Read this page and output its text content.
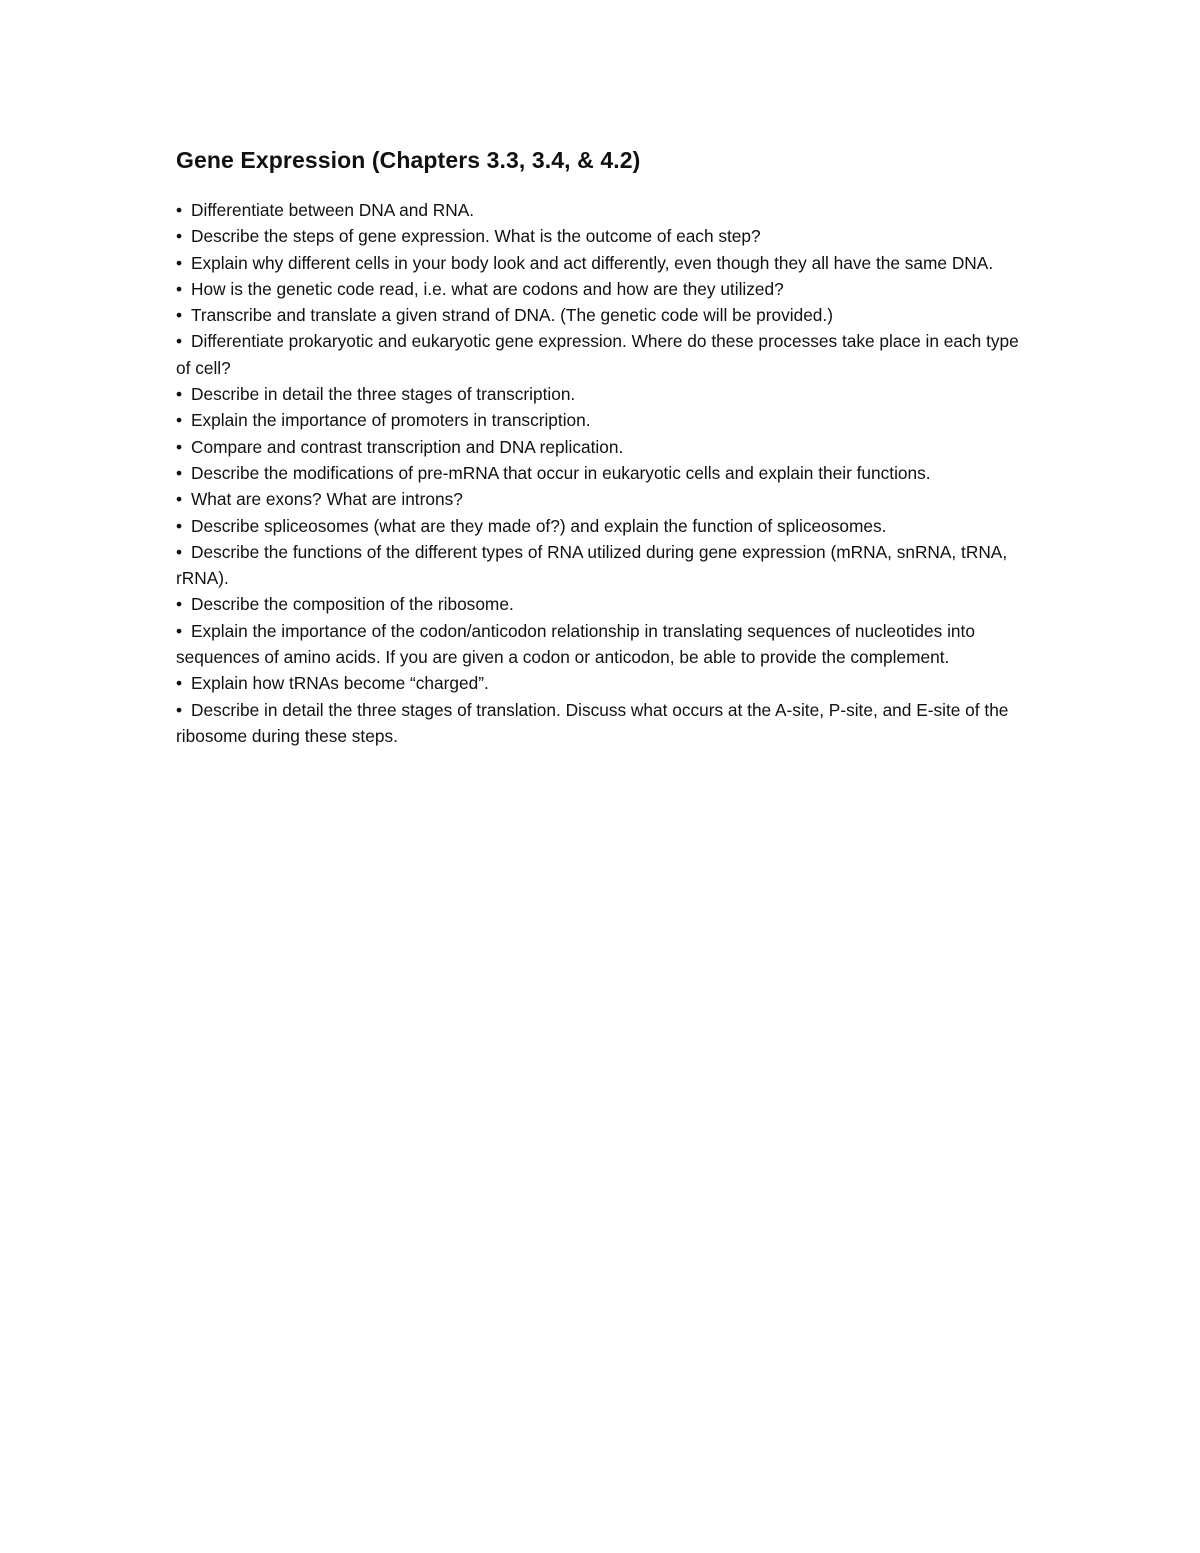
Gene Expression (Chapters 3.3, 3.4, & 4.2)
• Differentiate between DNA and RNA.
• Describe the steps of gene expression. What is the outcome of each step?
• Explain why different cells in your body look and act differently, even though they all have the same DNA.
• How is the genetic code read, i.e. what are codons and how are they utilized?
• Transcribe and translate a given strand of DNA. (The genetic code will be provided.)
• Differentiate prokaryotic and eukaryotic gene expression. Where do these processes take place in each type of cell?
• Describe in detail the three stages of transcription.
• Explain the importance of promoters in transcription.
• Compare and contrast transcription and DNA replication.
• Describe the modifications of pre-mRNA that occur in eukaryotic cells and explain their functions.
• What are exons? What are introns?
• Describe spliceosomes (what are they made of?) and explain the function of spliceosomes.
• Describe the functions of the different types of RNA utilized during gene expression (mRNA, snRNA, tRNA, rRNA).
• Describe the composition of the ribosome.
• Explain the importance of the codon/anticodon relationship in translating sequences of nucleotides into sequences of amino acids. If you are given a codon or anticodon, be able to provide the complement.
• Explain how tRNAs become “charged”.
• Describe in detail the three stages of translation. Discuss what occurs at the A-site, P-site, and E-site of the ribosome during these steps.
